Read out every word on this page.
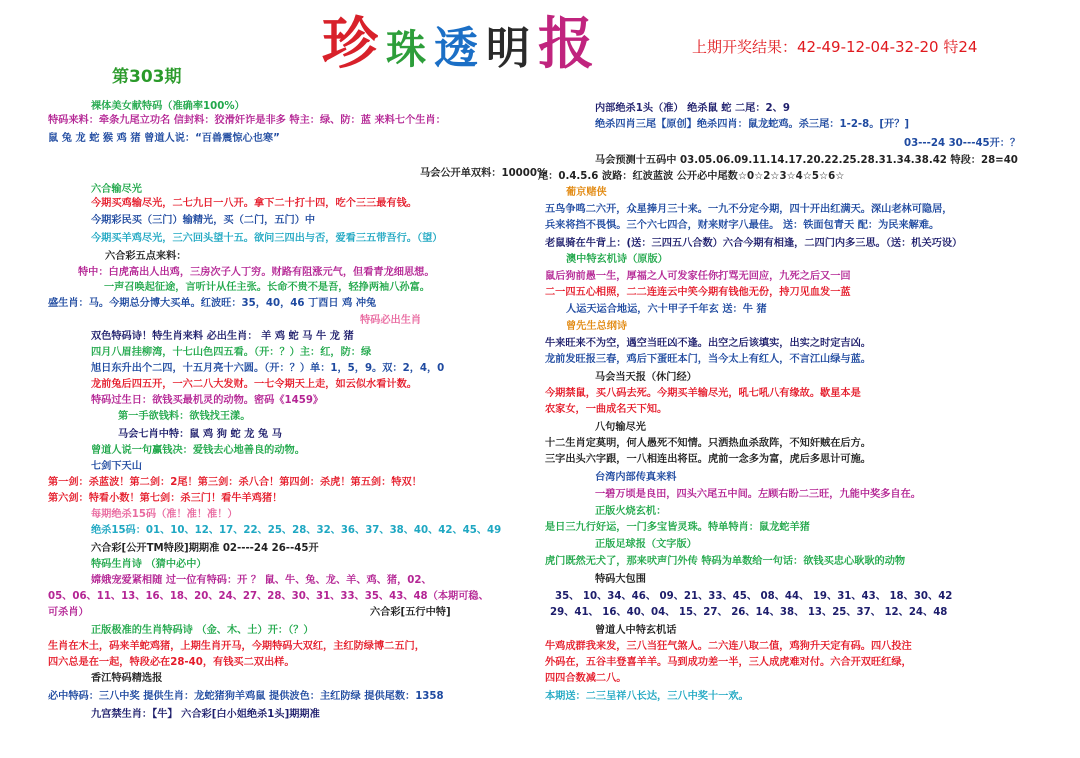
珍珠透明报	上期开奖结果：42-49-12-04-32-20 特24
第303期
裸体美女献特码（准确率100%）
特码来料：牵条九尾立功名 信封料：狡滑奸诈是非多 特主：绿、防：蓝 来料七个生肖：
鼠 兔 龙 蛇 猴 鸡 猪 曾道人说：“百兽震惊心也寒”
马会公开单双料：10000%
六合输尽光
今期买鸡输尽光，二七九日一八开。拿下二十打十四，吃个三三最有钱。
今期彩民买（三门）输精光，买（二门，五门）中
今期买羊鸡尽光，三六回头望十五。欲问三四出与否，爱看三五带吾行。（望）
六合彩五点来料：
特中：白虎高出人出鸡，三房次子人丁穷。财路有阻涨元气，但看青龙细思想。
一声召唤起征途，言听计从任主张。长命不贵不是吾，轻挣两袖八孙富。
盛生肖：马。今期总分博大买单。红波旺：35，40，46 丁酉日 鸡 冲兔
特码必出生肖
双色特码诗！特生肖来料 必出生肖： 羊 鸡 蛇 马 牛 龙 猪
四月八眉挂柳湾，十七山色四五看。（开：？）主：红，防：绿
旭日东升出个二四，十五月亮十六圆。（开：？）单：1，5，9。双：2，4，0
龙前兔后四五开，一六二八大发财。一七令期天上走，如云似水看计数。
特码过生日：欲钱买最机灵的动物。密码《1459》
第一手欲钱料：欲钱找王漾。
马会七肖中特：鼠 鸡 狗 蛇 龙 兔 马
曾道人说一句赢钱决：爱钱去心地善良的动物。
七剑下天山
第一剑：杀蓝波！第二剑：2尾！第三剑：杀八合！第四剑：杀虎！第五剑：特双！
第六剑：特看小数！第七剑：杀三门！看牛羊鸡猪！
每期绝杀15码（准！准！准！）
绝杀15码：01、10、12、17、22、25、28、32、36、37、38、40、42、45、49
六合彩[公开TM特段]期期准 02----24 26--45开
特码生肖诗 （猜中必中）
嫦娥宠爱紧相随 过一位有特码：开 ？ 鼠、牛、兔、龙、羊、鸡、猪，02、
05、06、11、13、16、18、20、24、27、28、30、31、33、35、43、48（本期可稳、
可杀肖）	六合彩[五行中特]
正版极准的生肖特码诗 （金、木、土）开：（？）
生肖在木土，码来羊蛇鸡猪，上期生肖开马，今期特码大双红，主红防绿博二五门，
四六总是在一起，特段必在28-40，有钱买二双出样。
香江特码精选报
必中特码：三八中奖 提供生肖：龙蛇猪狗羊鸡鼠 提供波色：主红防绿 提供尾数：1358
九宫禁生肖：【牛】 六合彩[白小姐绝杀1头]期期准
内部绝杀1头（准） 绝杀鼠 蛇 二尾：2、9
绝杀四肖三尾【原创】绝杀四肖：鼠龙蛇鸡。杀三尾：1-2-8。[开？]
03---24 30---45开：？
马会预测十五码中 03.05.06.09.11.14.17.20.22.25.28.31.34.38.42 特段：28=40
尾：0.4.5.6 波路：红波蓝波 公开必中尾数☆0☆2☆3☆4☆5☆6☆
葡京赌侠
五鸟争鸣二六开，众星捧月三十来。一九不分定今期，四十开出红满天。深山老林可隐居，
兵来将挡不畏惧。三个六七四合，财来财字八最佳。 送：铁面包青天 配：为民来解难。
老鼠骑在牛背上：(送：三四五八合数）六合今期有相逢，二四门内多三思。（送：机关巧设）
澳中特玄机诗（原版）
鼠后狗前愚一生，厚福之人可发家任你打骂无回应，九死之后又一回
二一四五心相照，二二连连云中笑今期有钱他无份，持刀见血发一蓝
人运天运合地运，六十甲子千年玄 送：牛 猪
曾先生总纲诗
牛来旺来不为空，遇空当旺凶不逢。出空之后该填实，出实之时定吉凶。
龙前发旺报三春，鸡后下蛋旺本门，当今太上有红人，不言江山绿与蓝。
马会当天报（休门经）
今期禁鼠，买八码去死。今期买羊输尽光，吼七吼八有缘故。歇星本是
农家女，一曲成名天下知。
八句输尽光
十二生肖定莫明，何人愚死不知情。只洒热血杀敌阵，不知奸贼在后方。
三字出头六字跟，一八相连出将臣。虎前一念多为富，虎后多思计可施。
台湾内部传真来料
一碧万顷是良田，四头六尾五中间。左顾右盼二三旺，九能中奖多自在。
正版火烧玄机：
是日三九行好运，一门多宝皆灵珠。特单特肖：鼠龙蛇羊猪
正版足球报（文字版）
虎门既然无犬了，那来吠声门外传 特码为单数给一句话：欲钱买忠心耿耿的动物
特码大包围
35、 10、34、46、 09、21、33、45、 08、44、 19、31、43、 18、30、42
29、41、 16、40、04、 15、27、 26、14、38、 13、25、37、 12、24、48
曾道人中特玄机话
牛鸡成群我来发，三八当狂气煞人。二六连八取二值，鸡狗升天定有码。四八投注
外码在，五谷丰登喜羊羊。马到成功差一半，三人成虎难对付。六合开双旺红绿，
四四合数减二八。
本期送：二三呈祥八长达，三八中奖十一欢。
